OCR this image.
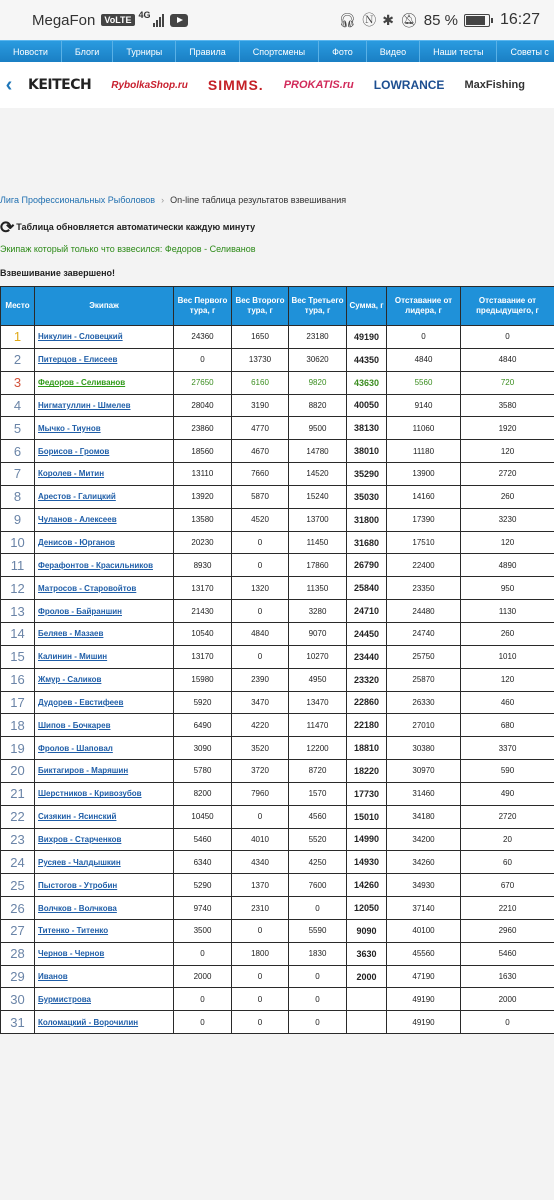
MegaFon	VoLTE 4G	🎧︎ Ⓝ ✱ 🔕︎ 85 %	16:27
Новости	Блоги	Турниры	Правила	Спортсмены	Фото	Видео	Наши тесты	Советы с
‹	KEITECH RybolkaShop.ru SIMMS. PROKATIS.ru LOWRANCE MaxFishing
Лига Профессиональных Рыболовов › On-line таблица результатов взвешивания
⟳ Таблица обновляется автоматически каждую минуту
Экипаж который только что взвесился: Федоров - Селиванов
Взвешивание завершено!
Место	Экипаж	Вес Первого тура, г	Вес Второго тура, г	Вес Третьего тура, г	Сумма, г	Отставание от лидера, г	Отставание от предыдущего, г
1	Никулин - Словецкий	24360	1650	23180	49190	0	0
2	Питерцов - Елисеев	0	13730	30620	44350	4840	4840
3	Федоров - Селиванов	27650	6160	9820	43630	5560	720
4	Нигматуллин - Шмелев	28040	3190	8820	40050	9140	3580
5	Мычко - Тиунов	23860	4770	9500	38130	11060	1920
6	Борисов - Громов	18560	4670	14780	38010	11180	120
7	Королев - Митин	13110	7660	14520	35290	13900	2720
8	Арестов - Галицкий	13920	5870	15240	35030	14160	260
9	Чуланов - Алексеев	13580	4520	13700	31800	17390	3230
10	Денисов - Юрганов	20230	0	11450	31680	17510	120
11	Ферафонтов - Красильников	8930	0	17860	26790	22400	4890
12	Матросов - Старовойтов	13170	1320	11350	25840	23350	950
13	Фролов - Байраншин	21430	0	3280	24710	24480	1130
14	Беляев - Мазаев	10540	4840	9070	24450	24740	260
15	Калинин - Мишин	13170	0	10270	23440	25750	1010
16	Жмур - Саликов	15980	2390	4950	23320	25870	120
17	Дудорев - Евстифеев	5920	3470	13470	22860	26330	460
18	Шипов - Бочкарев	6490	4220	11470	22180	27010	680
19	Фролов - Шаповал	3090	3520	12200	18810	30380	3370
20	Биктагиров - Маряшин	5780	3720	8720	18220	30970	590
21	Шерстников - Кривозубов	8200	7960	1570	17730	31460	490
22	Сизякин - Ясинский	10450	0	4560	15010	34180	2720
23	Вихров - Старченков	5460	4010	5520	14990	34200	20
24	Русяев - Чалдышкин	6340	4340	4250	14930	34260	60
25	Пыстогов - Утробин	5290	1370	7600	14260	34930	670
26	Волчков - Волчкова	9740	2310	0	12050	37140	2210
27	Титенко - Титенко	3500	0	5590	9090	40100	2960
28	Чернов - Чернов	0	1800	1830	3630	45560	5460
29	Иванов	2000	0	0	2000	47190	1630
30	Бурмистрова	0	0	0		49190	2000
31	Коломацкий - Ворочилин	0	0	0		49190	0
